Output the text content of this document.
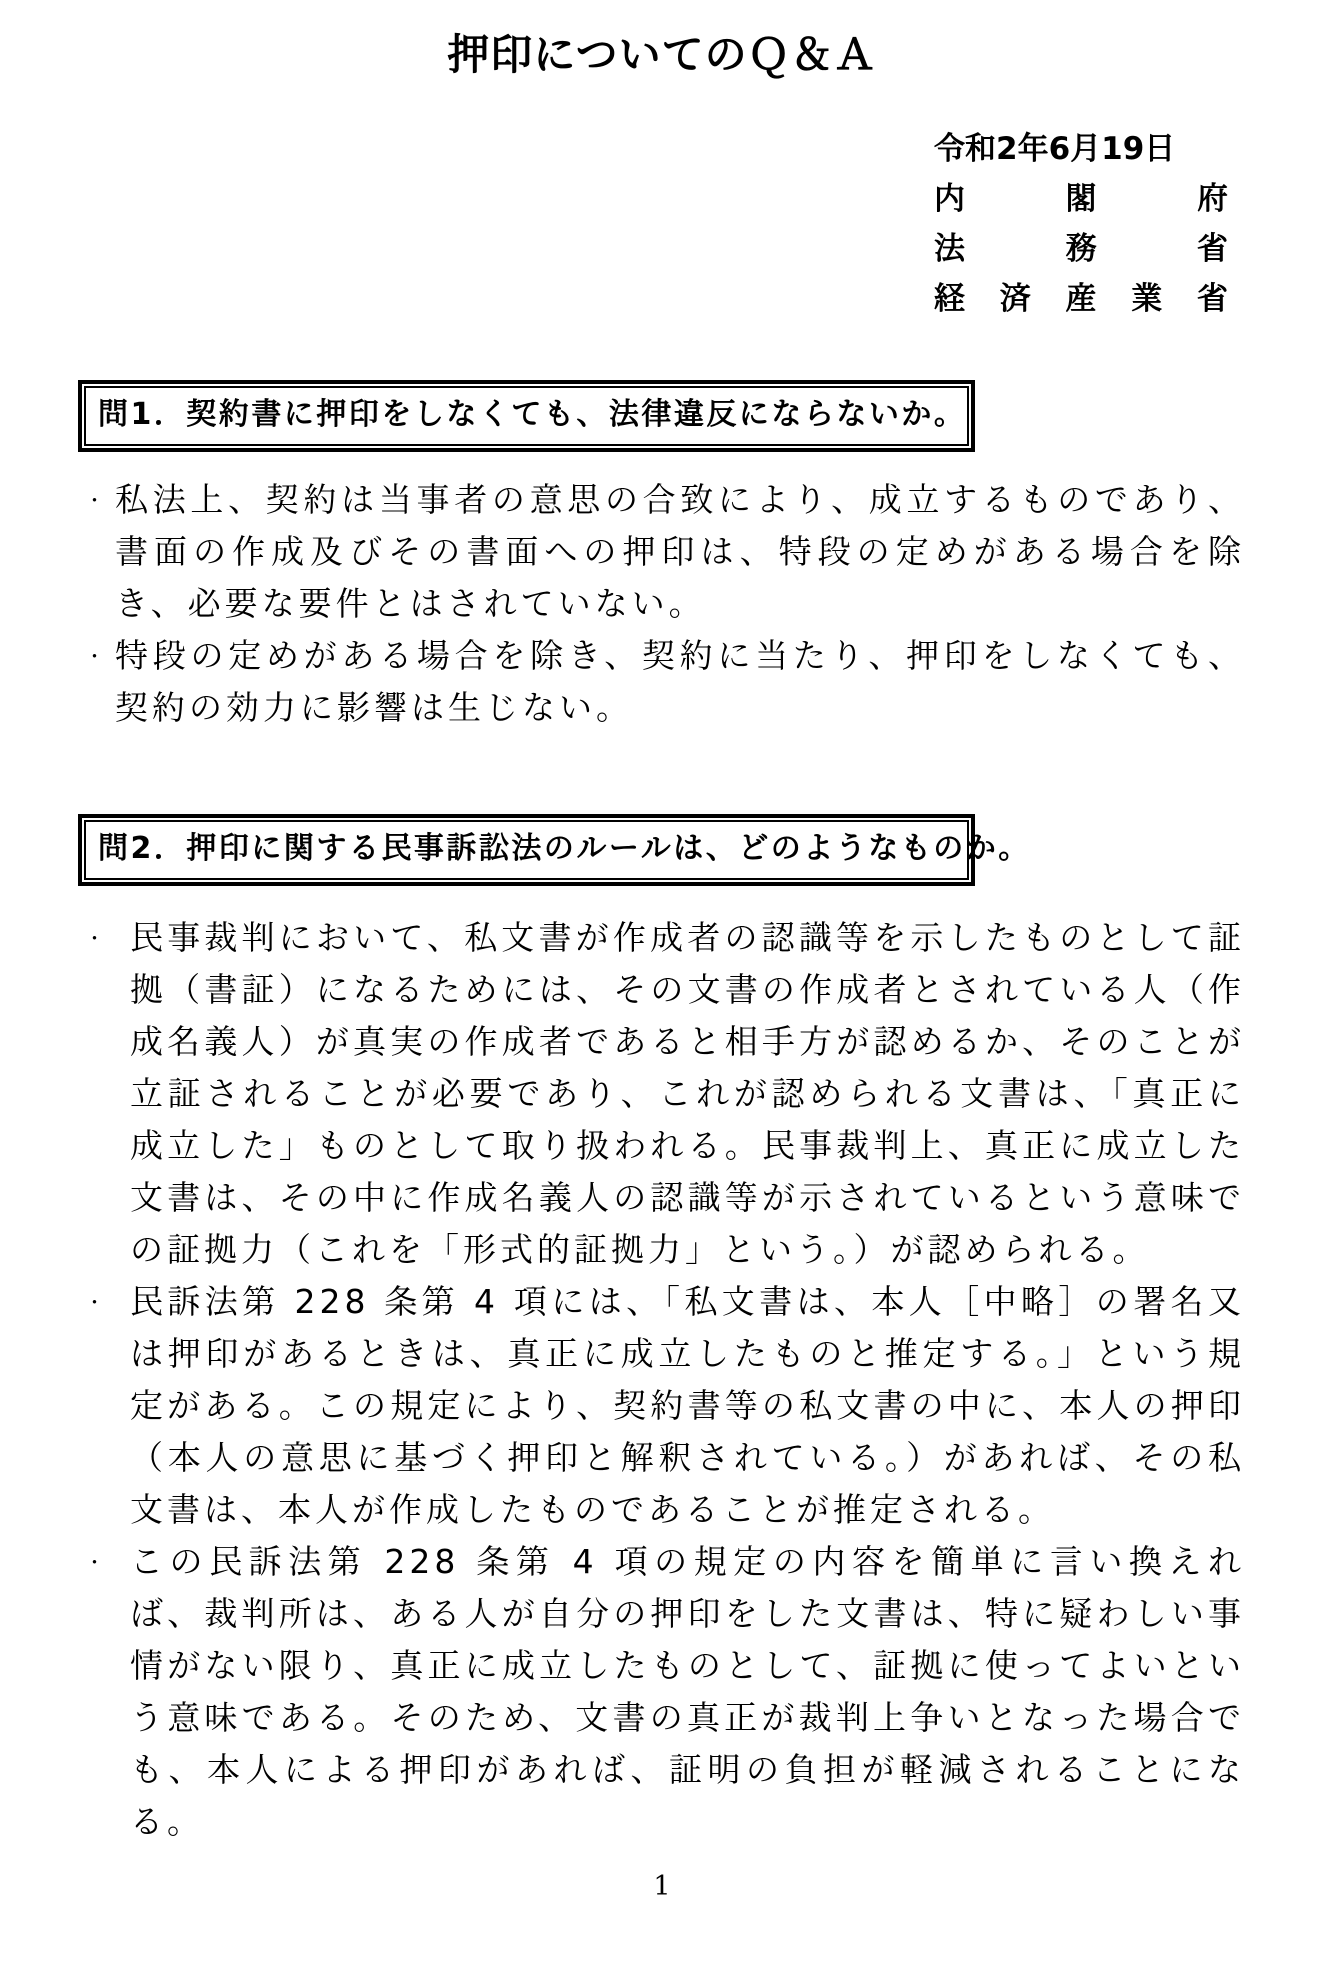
押印についてのＱ＆Ａ
令和2年6月19日
内	閣	府
法	務	省
経 済 産 業 省
問1．契約書に押印をしなくても、法律違反にならないか。
・ 私法上、契約は当事者の意思の合致により、成立するものであり、書面の作成及びその書面への押印は、特段の定めがある場合を除き、必要な要件とはされていない。

・ 特段の定めがある場合を除き、契約に当たり、押印をしなくても、契約の効力に影響は生じない。

問2．押印に関する民事訴訟法のルールは、どのようなものか。
・ 民事裁判において、私文書が作成者の認識等を示したものとして証拠（書証）になるためには、その文書の作成者とされている人（作成名義人）が真実の作成者であると相手方が認めるか、そのことが立証されることが必要であり、これが認められる文書は、「真正に成立した」ものとして取り扱われる。民事裁判上、真正に成立した文書は、その中に作成名義人の認識等が示されているという意味での証拠力（これを「形式的証拠力」という。）が認められる。

・ 民訴法第 228 条第 4 項には、「私文書は、本人［中略］の署名又は押印があるときは、真正に成立したものと推定する。」という規定がある。この規定により、契約書等の私文書の中に、本人の押印（本人の意思に基づく押印と解釈されている。）があれば、その私文書は、本人が作成したものであることが推定される。

・ この民訴法第 228 条第 4 項の規定の内容を簡単に言い換えれば、裁判所は、ある人が自分の押印をした文書は、特に疑わしい事情がない限り、真正に成立したものとして、証拠に使ってよいという意味である。そのため、文書の真正が裁判上争いとなった場合でも、本人による押印があれば、証明の負担が軽減されることになる。

1
